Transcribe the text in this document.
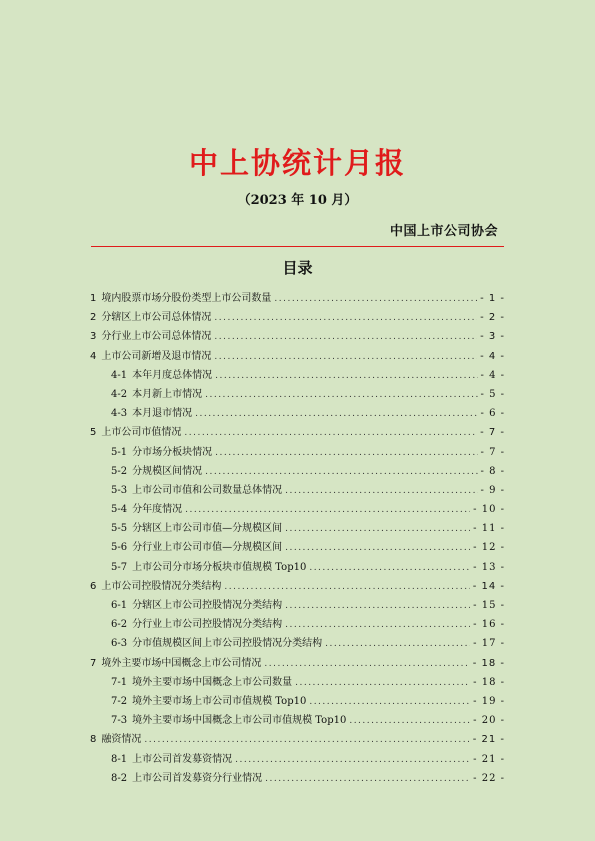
中上协统计月报
（2023 年 10 月）
中国上市公司协会
目录
1 境内股票市场分股份类型上市公司数量 .....	- 1 -
2 分辖区上市公司总体情况 .....	- 2 -
3 分行业上市公司总体情况 .....	- 3 -
4 上市公司新增及退市情况 .....	- 4 -
4-1 本年月度总体情况 .....	- 4 -
4-2 本月新上市情况 .....	- 5 -
4-3 本月退市情况 .....	- 6 -
5 上市公司市值情况 .....	- 7 -
5-1 分市场分板块情况 .....	- 7 -
5-2 分规模区间情况 .....	- 8 -
5-3 上市公司市值和公司数量总体情况 .....	- 9 -
5-4 分年度情况 .....	- 10 -
5-5 分辖区上市公司市值—分规模区间 .....	- 11 -
5-6 分行业上市公司市值—分规模区间 .....	- 12 -
5-7 上市公司分市场分板块市值规模 Top10 .....	- 13 -
6 上市公司控股情况分类结构 .....	- 14 -
6-1 分辖区上市公司控股情况分类结构 .....	- 15 -
6-2 分行业上市公司控股情况分类结构 .....	- 16 -
6-3 分市值规模区间上市公司控股情况分类结构 .....	- 17 -
7 境外主要市场中国概念上市公司情况 .....	- 18 -
7-1 境外主要市场中国概念上市公司数量 .....	- 18 -
7-2 境外主要市场上市公司市值规模 Top10 .....	- 19 -
7-3 境外主要市场中国概念上市公司市值规模 Top10 .....	- 20 -
8 融资情况 .....	- 21 -
8-1 上市公司首发募资情况 .....	- 21 -
8-2 上市公司首发募资分行业情况 .....	- 22 -
